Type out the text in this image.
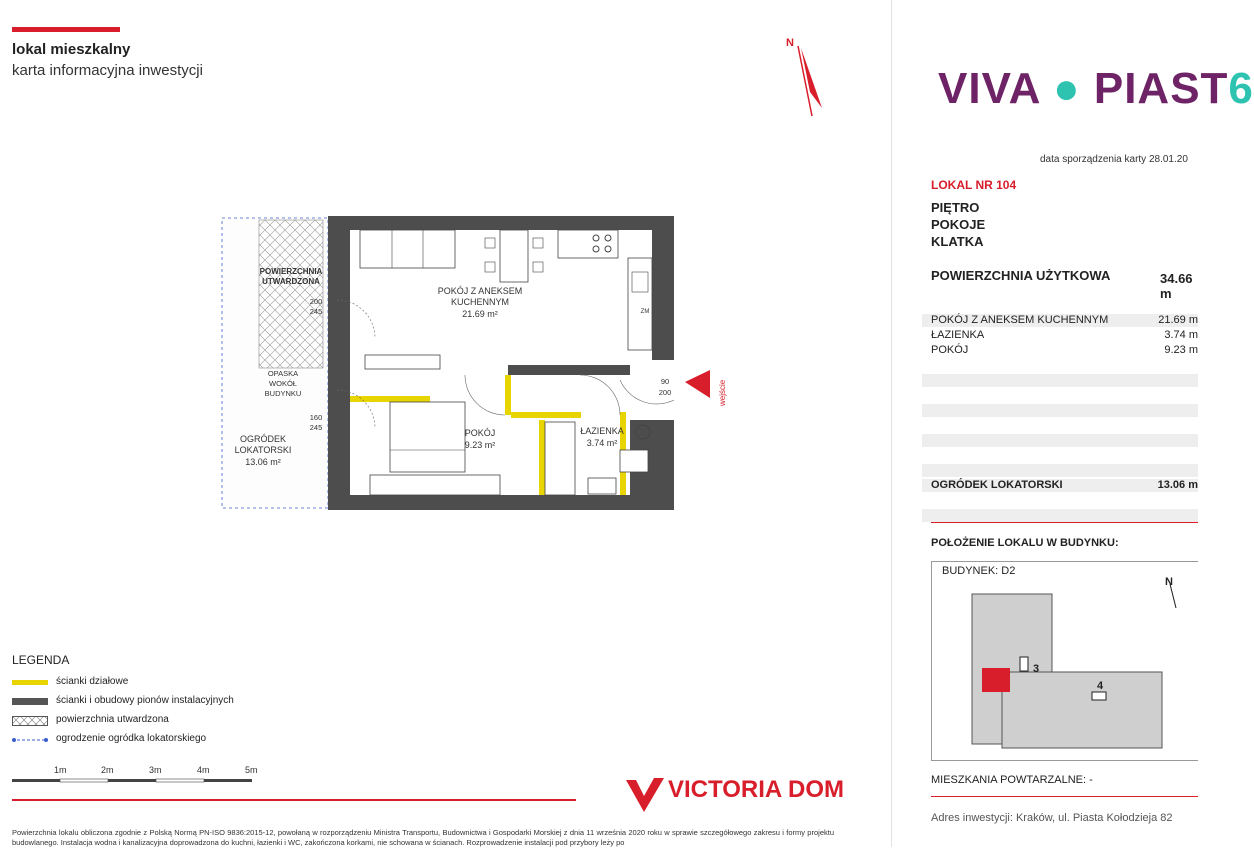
lokal mieszkalny
karta informacyjna inwestycji
N
POKÓJ Z ANEKSEM
KUCHENNYM
21.69 m²
POKÓJ
9.23 m²
ŁAZIENKA
3.74 m²
POWIERZCHNIA
UTWARDZONA
OPASKA
WOKÓŁ
BUDYNKU
OGRÓDEK
LOKATORSKI
13.06 m²
200
245
160
245
90
200
ZM
wejście
LEGENDA
ścianki działowe
ścianki i obudowy pionów instalacyjnych
powierzchnia utwardzona
ogrodzenie ogródka lokatorskiego
1m	2m	3m	4m	5m
VICTORIA DOM
Powierzchnia lokalu obliczona zgodnie z Polską Normą PN-ISO 9836:2015-12, powołaną w rozporządzeniu Ministra Transportu, Budownictwa i Gospodarki Morskiej z dnia 11 września 2020 roku w sprawie szczegółowego zakresu i formy projektu budowlanego. Instalacja wodna i kanalizacyjna doprowadzona do kuchni, łazienki i WC, zakończona korkami, nie schowana w ścianach. Rozprowadzenie instalacji pod przybory leży po
VIVA ● PIAST6
data sporządzenia karty 28.01.20
LOKAL NR 104
PIĘTRO
POKOJE
KLATKA
POWIERZCHNIA UŻYTKOWA	34.66 m
POKÓJ Z ANEKSEM KUCHENNYM	21.69 m
ŁAZIENKA	3.74 m
POKÓJ	9.23 m
OGRÓDEK LOKATORSKI	13.06 m
POŁOŻENIE LOKALU W BUDYNKU:
BUDYNEK: D2
3
4
N
MIESZKANIA POWTARZALNE: -
Adres inwestycji: Kraków, ul. Piasta Kołodzieja 82
